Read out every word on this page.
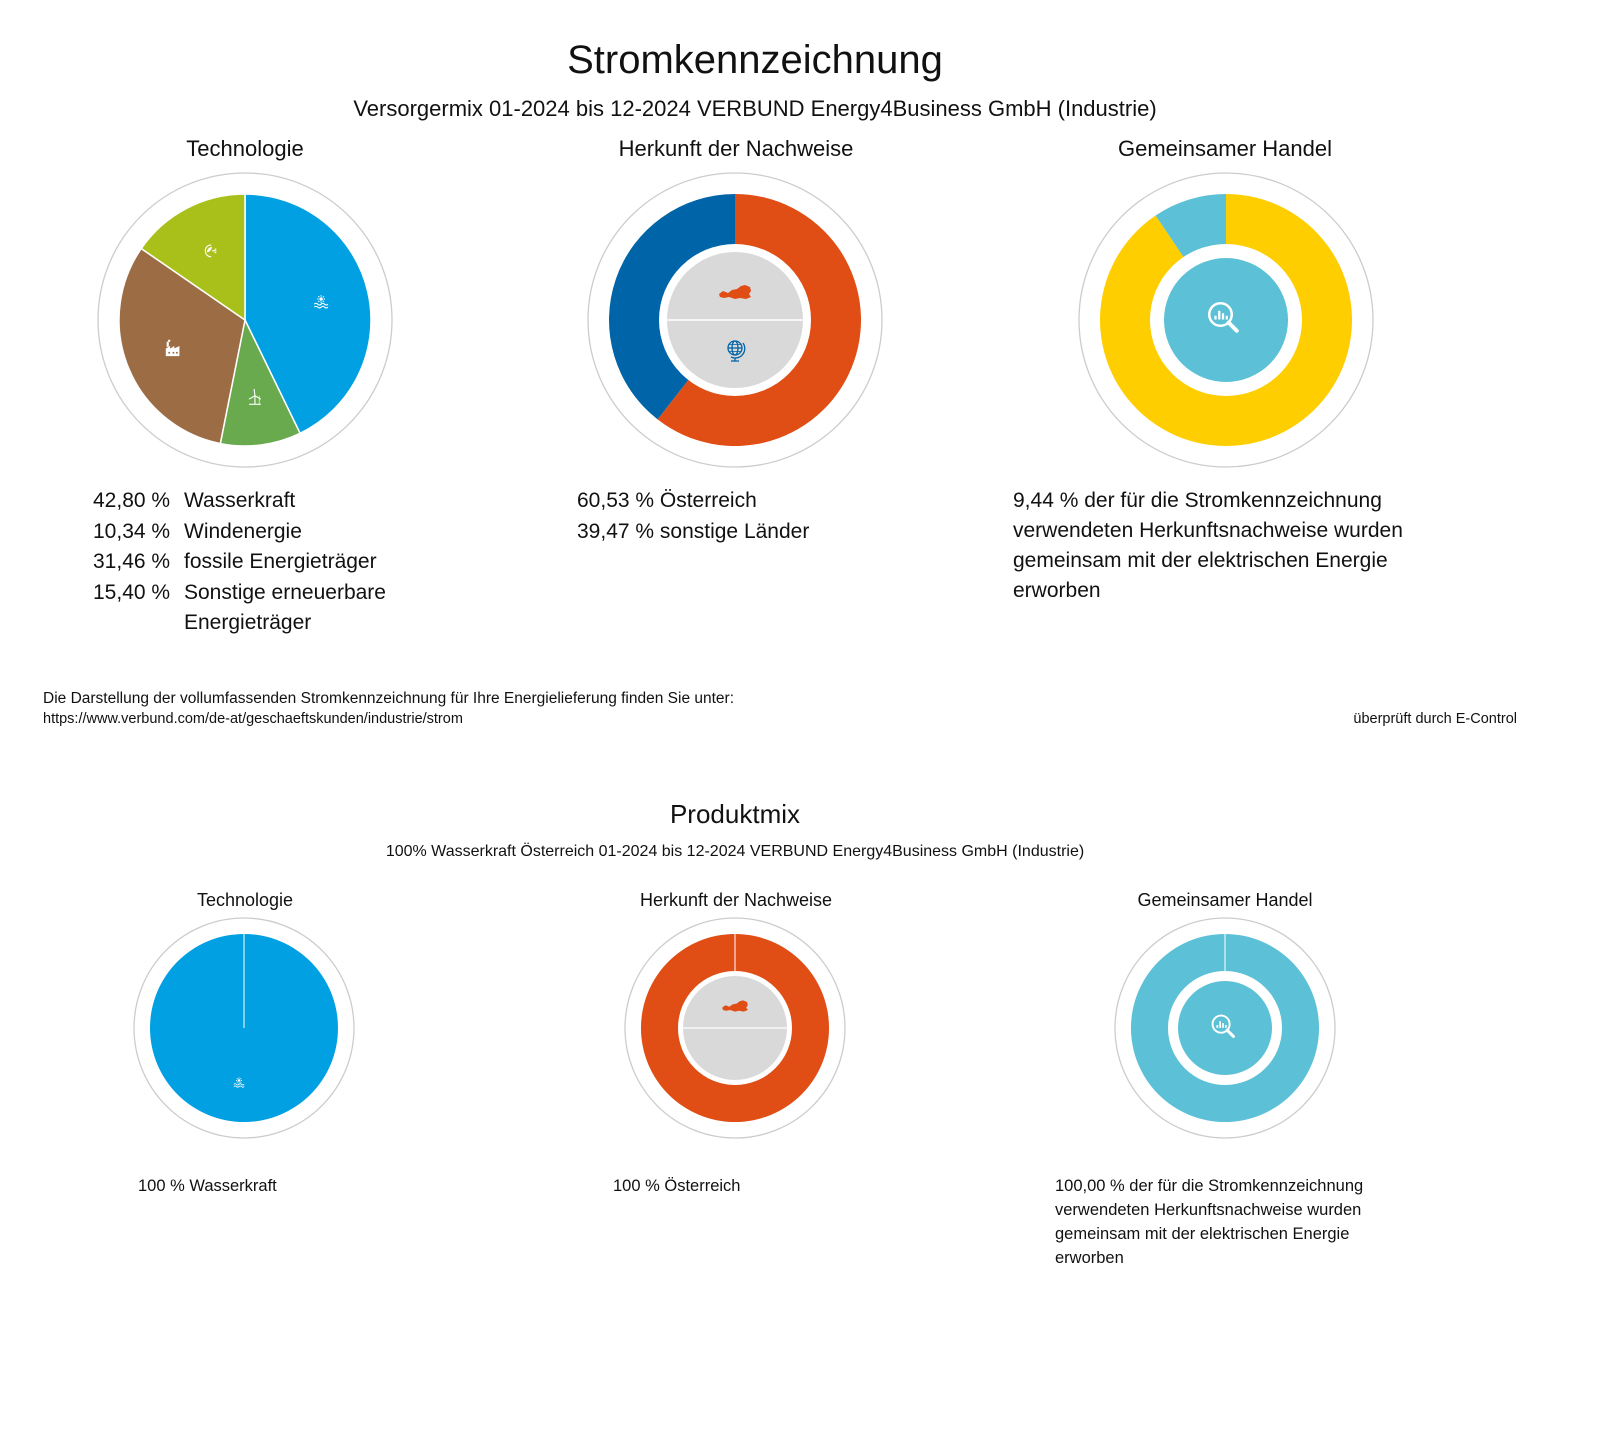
Stromkennzeichnung
Versorgermix 01-2024 bis 12-2024 VERBUND Energy4Business GmbH (Industrie)
Technologie	Herkunft der Nachweise	Gemeinsamer Handel
42,80 % Wasserkraft
10,34 % Windenergie
31,46 % fossile Energieträger
15,40 % Sonstige erneuerbare
Energieträger
60,53 % Österreich
39,47 % sonstige Länder
9,44 % der für die Stromkennzeichnung
verwendeten Herkunftsnachweise wurden
gemeinsam mit der elektrischen Energie
erworben
Die Darstellung der vollumfassenden Stromkennzeichnung für Ihre Energielieferung finden Sie unter:
https://www.verbund.com/de-at/geschaeftskunden/industrie/strom	überprüft durch E-Control
Produktmix
100% Wasserkraft Österreich 01-2024 bis 12-2024 VERBUND Energy4Business GmbH (Industrie)
Technologie	Herkunft der Nachweise	Gemeinsamer Handel
100 % Wasserkraft	100 % Österreich	100,00 % der für die Stromkennzeichnung
verwendeten Herkunftsnachweise wurden
gemeinsam mit der elektrischen Energie
erworben
